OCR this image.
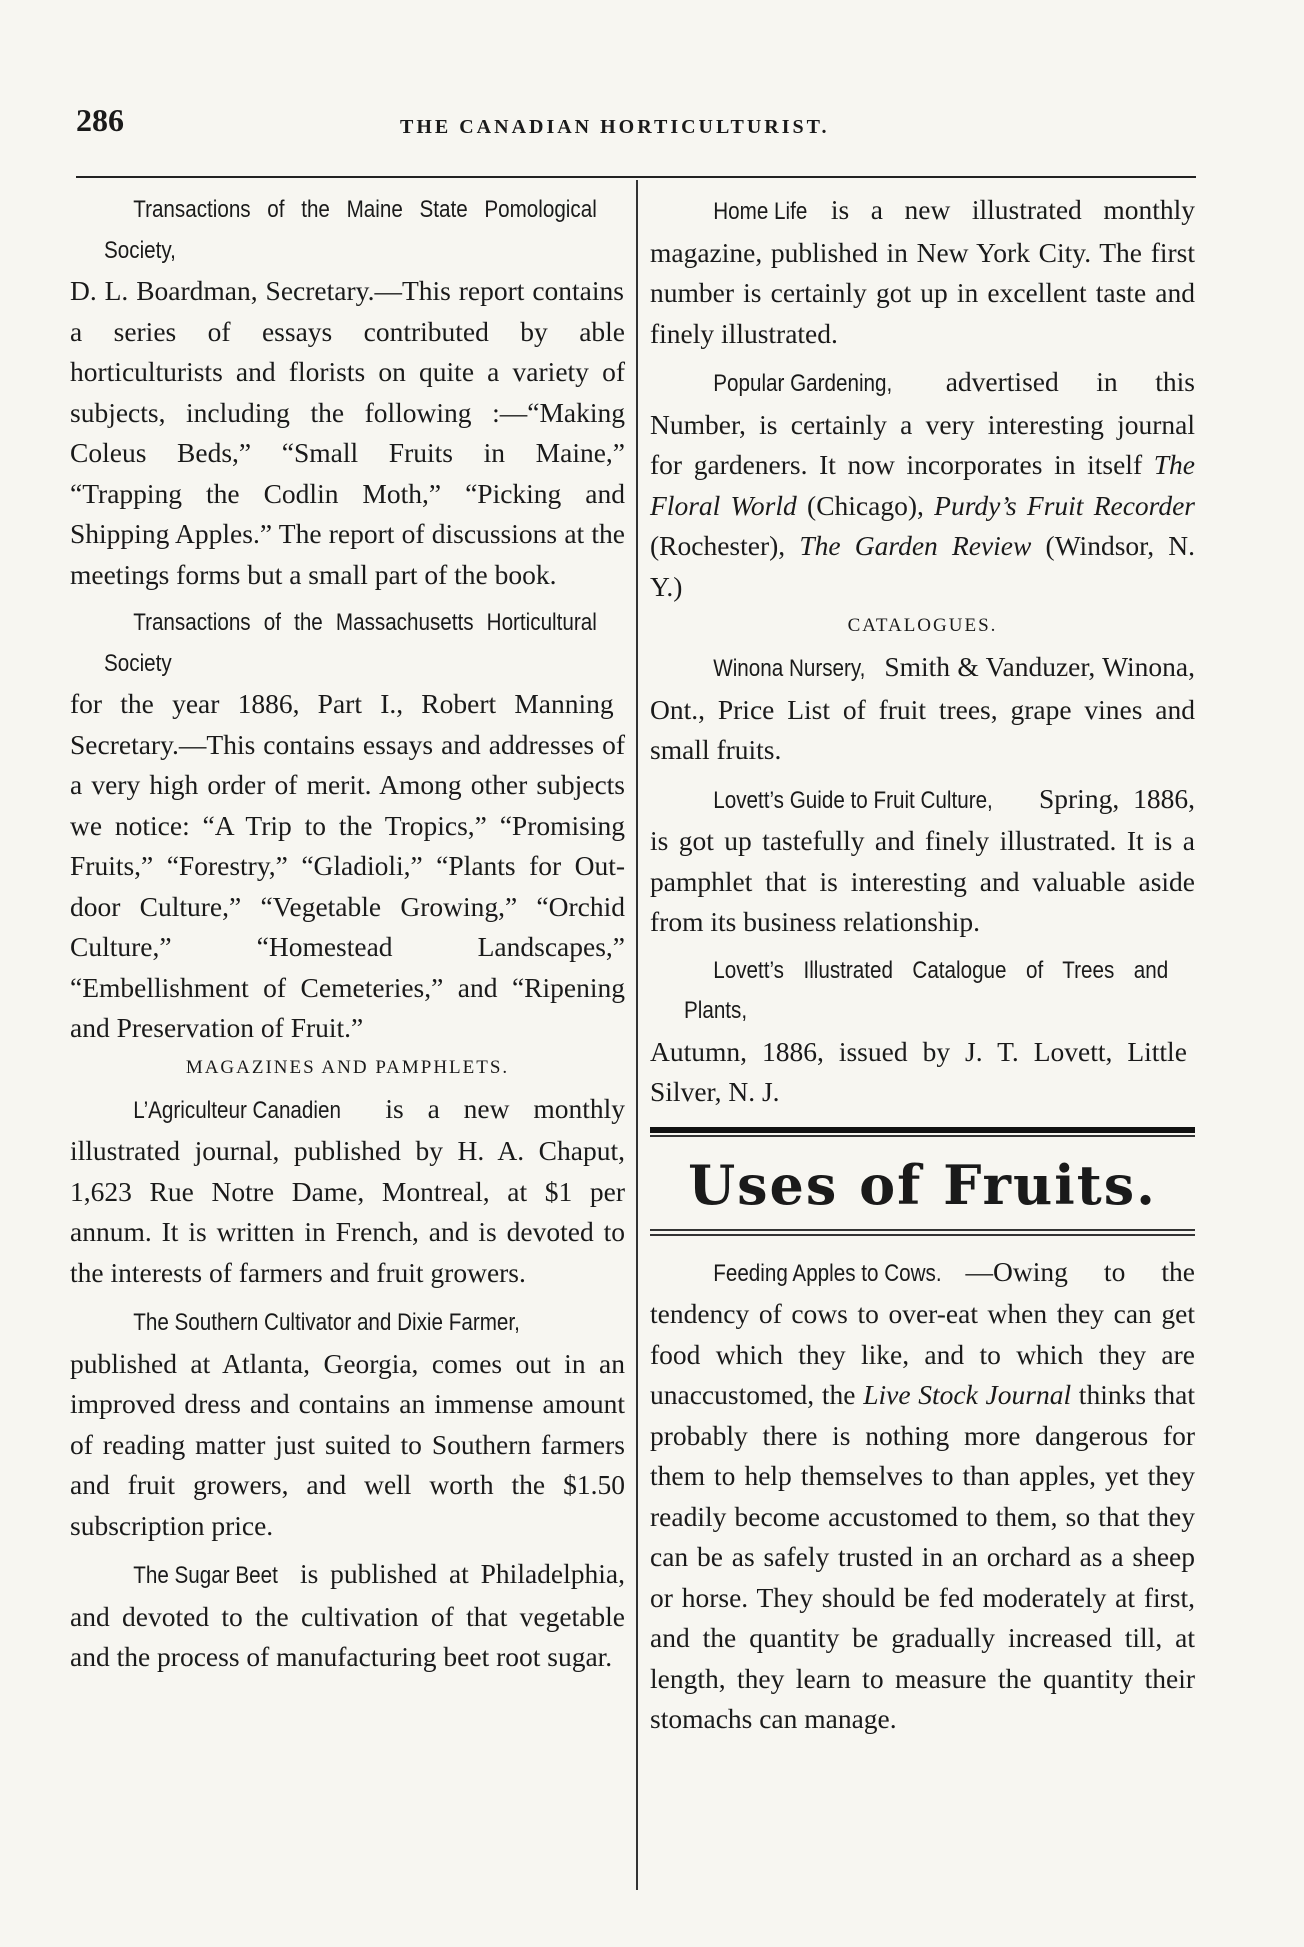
286	THE CANADIAN HORTICULTURIST.

Transactions of the Maine State Pomological Society, D. L. Boardman, Secretary.—This report contains a series of essays contributed by able horticulturists and florists on quite a variety of subjects, including the following :—“Making Coleus Beds,” “Small Fruits in Maine,” “Trapping the Codlin Moth,” “Picking and Shipping Apples.” The report of discussions at the meetings forms but a small part of the book.

Transactions of the Massachusetts Horticultural Society for the year 1886, Part I., Robert Manning Secretary.—This contains essays and addresses of a very high order of merit. Among other subjects we notice: “A Trip to the Tropics,” “Promising Fruits,” “Forestry,” “Gladioli,” “Plants for Out-door Culture,” “Vegetable Growing,” “Orchid Culture,” “Homestead Landscapes,” “Embellishment of Cemeteries,” and “Ripening and Preservation of Fruit.”

MAGAZINES AND PAMPHLETS.

L’Agriculteur Canadien is a new monthly illustrated journal, published by H. A. Chaput, 1,623 Rue Notre Dame, Montreal, at $1 per annum. It is written in French, and is devoted to the interests of farmers and fruit growers.

The Southern Cultivator and Dixie Farmer, published at Atlanta, Georgia, comes out in an improved dress and contains an immense amount of reading matter just suited to Southern farmers and fruit growers, and well worth the $1.50 subscription price.

The Sugar Beet is published at Philadelphia, and devoted to the cultivation of that vegetable and the process of manufacturing beet root sugar.

Home Life is a new illustrated monthly magazine, published in New York City. The first number is certainly got up in excellent taste and finely illustrated.

Popular Gardening, advertised in this Number, is certainly a very interesting journal for gardeners. It now incorporates in itself The Floral World (Chicago), Purdy’s Fruit Recorder (Rochester), The Garden Review (Windsor, N. Y.)

CATALOGUES.

Winona Nursery, Smith & Vanduzer, Winona, Ont., Price List of fruit trees, grape vines and small fruits.

Lovett’s Guide to Fruit Culture, Spring, 1886, is got up tastefully and finely illustrated. It is a pamphlet that is interesting and valuable aside from its business relationship.

Lovett’s Illustrated Catalogue of Trees and Plants, Autumn, 1886, issued by J. T. Lovett, Little Silver, N. J.

Uses of Fruits.

Feeding Apples to Cows. —Owing to the tendency of cows to over-eat when they can get food which they like, and to which they are unaccustomed, the Live Stock Journal thinks that probably there is nothing more dangerous for them to help themselves to than apples, yet they readily become accustomed to them, so that they can be as safely trusted in an orchard as a sheep or horse. They should be fed moderately at first, and the quantity be gradually increased till, at length, they learn to measure the quantity their stomachs can manage.
